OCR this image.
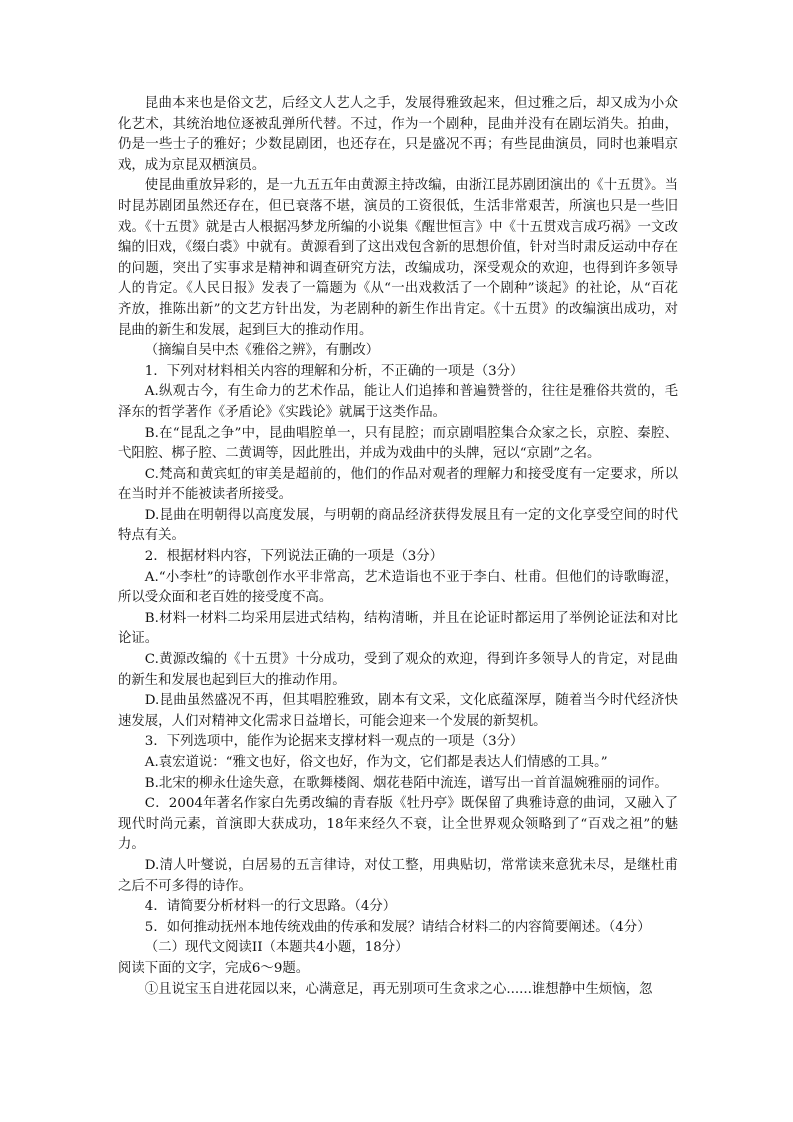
昆曲本来也是俗文艺，后经文人艺人之手，发展得雅致起来，但过雅之后，却又成为小众化艺术，其统治地位逐被乱弹所代替。不过，作为一个剧种，昆曲并没有在剧坛消失。拍曲，仍是一些士子的雅好；少数昆剧团，也还存在，只是盛况不再；有些昆曲演员，同时也兼唱京戏，成为京昆双栖演员。

使昆曲重放异彩的，是一九五五年由黄源主持改编，由浙江昆苏剧团演出的《十五贯》。当时昆苏剧团虽然还存在，但已衰落不堪，演员的工资很低，生活非常艰苦，所演也只是一些旧戏。《十五贯》就是古人根据冯梦龙所编的小说集《醒世恒言》中《十五贯戏言成巧祸》一文改编的旧戏，《缀白裘》中就有。黄源看到了这出戏包含新的思想价值，针对当时肃反运动中存在的问题，突出了实事求是精神和调查研究方法，改编成功，深受观众的欢迎，也得到许多领导人的肯定。《人民日报》发表了一篇题为《从“一出戏救活了一个剧种”谈起》的社论，从“百花齐放，推陈出新”的文艺方针出发，为老剧种的新生作出肯定。《十五贯》的改编演出成功，对昆曲的新生和发展，起到巨大的推动作用。

（摘编自吴中杰《雅俗之辨》，有删改）

1．下列对材料相关内容的理解和分析，不正确的一项是（3分）

A.纵观古今，有生命力的艺术作品，能让人们追捧和普遍赞誉的，往往是雅俗共赏的，毛泽东的哲学著作《矛盾论》《实践论》就属于这类作品。

B.在“昆乱之争”中，昆曲唱腔单一，只有昆腔；而京剧唱腔集合众家之长，京腔、秦腔、弋阳腔、梆子腔、二黄调等，因此胜出，并成为戏曲中的头牌，冠以“京剧”之名。

C.梵高和黄宾虹的审美是超前的，他们的作品对观者的理解力和接受度有一定要求，所以在当时并不能被读者所接受。

D.昆曲在明朝得以高度发展，与明朝的商品经济获得发展且有一定的文化享受空间的时代特点有关。

2．根据材料内容，下列说法正确的一项是（3分）

A.“小李杜”的诗歌创作水平非常高，艺术造诣也不亚于李白、杜甫。但他们的诗歌晦涩，所以受众面和老百姓的接受度不高。

B.材料一材料二均采用层进式结构，结构清晰，并且在论证时都运用了举例论证法和对比论证。

C.黄源改编的《十五贯》十分成功，受到了观众的欢迎，得到许多领导人的肯定，对昆曲的新生和发展也起到巨大的推动作用。

D.昆曲虽然盛况不再，但其唱腔雅致，剧本有文采，文化底蕴深厚，随着当今时代经济快速发展，人们对精神文化需求日益增长，可能会迎来一个发展的新契机。

3．下列选项中，能作为论据来支撑材料一观点的一项是（3分）

A.袁宏道说：“雅文也好，俗文也好，作为文，它们都是表达人们情感的工具。”

B.北宋的柳永仕途失意，在歌舞楼阁、烟花巷陌中流连，谱写出一首首温婉雅丽的词作。

C．2004年著名作家白先勇改编的青春版《牡丹亭》既保留了典雅诗意的曲词，又融入了现代时尚元素，首演即大获成功，18年来经久不衰，让全世界观众领略到了“百戏之祖”的魅力。

D.清人叶燮说，白居易的五言律诗，对仗工整，用典贴切，常常读来意犹未尽，是继杜甫之后不可多得的诗作。

4．请简要分析材料一的行文思路。（4分）

5．如何推动抚州本地传统戏曲的传承和发展？请结合材料二的内容简要阐述。（4分）

（二）现代文阅读II（本题共4小题，18分）

阅读下面的文字，完成6～9题。

①且说宝玉自进花园以来，心满意足，再无别项可生贪求之心......谁想静中生烦恼，忽
